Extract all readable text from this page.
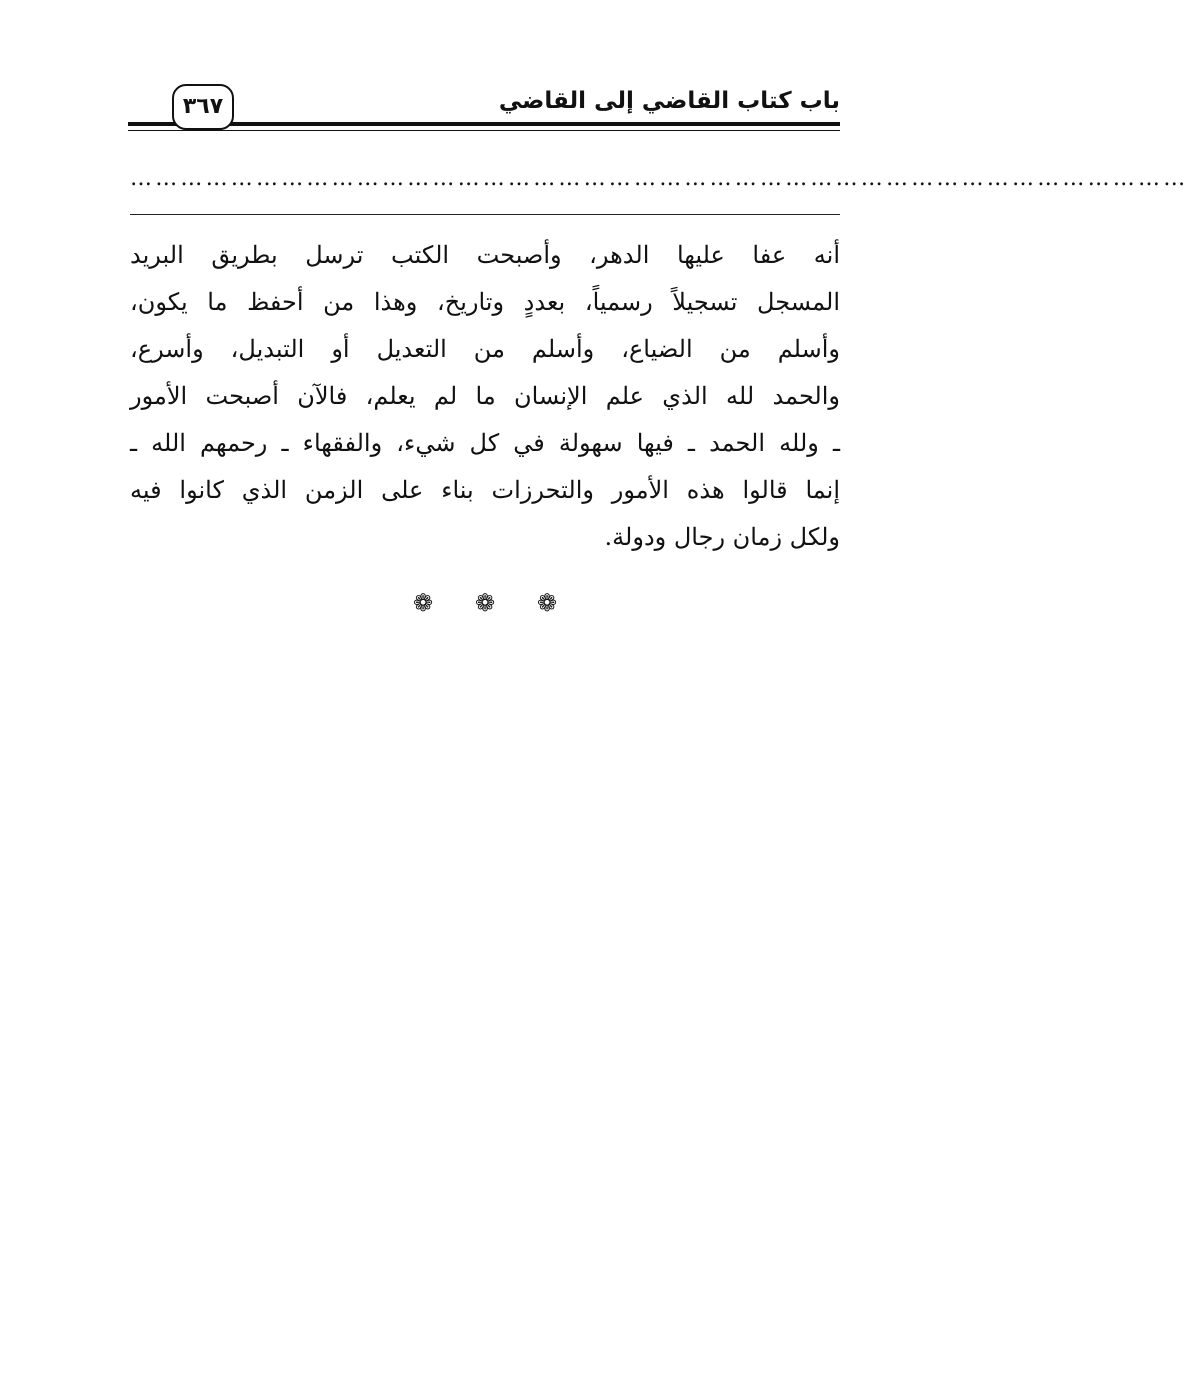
باب كتاب القاضي إلى القاضي
٣٦٧
………………………………………………………………………………………………………………
أنه عفا عليها الدهر، وأصبحت الكتب ترسل بطريق البريد
المسجل تسجيلاً رسمياً، بعددٍ وتاريخ، وهذا من أحفظ ما يكون،
وأسلم من الضياع، وأسلم من التعديل أو التبديل، وأسرع،
والحمد لله الذي علم الإنسان ما لم يعلم، فالآن أصبحت الأمور
ـ ولله الحمد ـ فيها سهولة في كل شيء، والفقهاء ـ رحمهم الله ـ
إنما قالوا هذه الأمور والتحرزات بناء على الزمن الذي كانوا فيه
ولكل زمان رجال ودولة.
❁ ❁ ❁
